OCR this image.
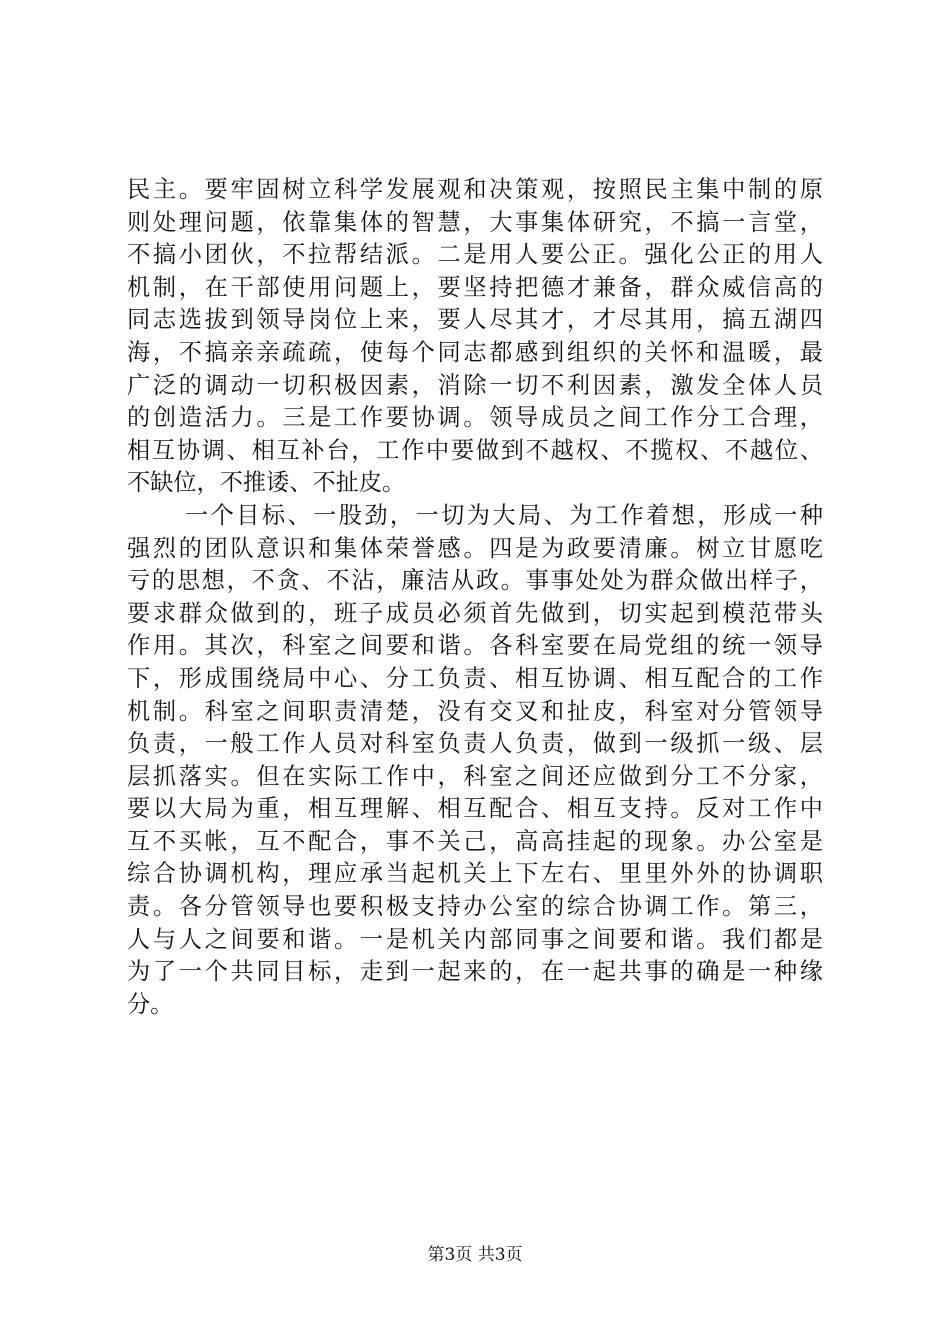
民主。要牢固树立科学发展观和决策观，按照民主集中制的原
则处理问题，依靠集体的智慧，大事集体研究，不搞一言堂，
不搞小团伙，不拉帮结派。二是用人要公正。强化公正的用人
机制，在干部使用问题上，要坚持把德才兼备，群众威信高的
同志选拔到领导岗位上来，要人尽其才，才尽其用，搞五湖四
海，不搞亲亲疏疏，使每个同志都感到组织的关怀和温暖，最
广泛的调动一切积极因素，消除一切不利因素，激发全体人员
的创造活力。三是工作要协调。领导成员之间工作分工合理，
相互协调、相互补台，工作中要做到不越权、不揽权、不越位、
不缺位，不推诿、不扯皮。
一个目标、一股劲，一切为大局、为工作着想，形成一种
强烈的团队意识和集体荣誉感。四是为政要清廉。树立甘愿吃
亏的思想，不贪、不沾，廉洁从政。事事处处为群众做出样子，
要求群众做到的，班子成员必须首先做到，切实起到模范带头
作用。其次，科室之间要和谐。各科室要在局党组的统一领导
下，形成围绕局中心、分工负责、相互协调、相互配合的工作
机制。科室之间职责清楚，没有交叉和扯皮，科室对分管领导
负责，一般工作人员对科室负责人负责，做到一级抓一级、层
层抓落实。但在实际工作中，科室之间还应做到分工不分家，
要以大局为重，相互理解、相互配合、相互支持。反对工作中
互不买帐，互不配合，事不关己，高高挂起的现象。办公室是
综合协调机构，理应承当起机关上下左右、里里外外的协调职
责。各分管领导也要积极支持办公室的综合协调工作。第三，
人与人之间要和谐。一是机关内部同事之间要和谐。我们都是
为了一个共同目标，走到一起来的，在一起共事的确是一种缘
分。
第3页 共3页
